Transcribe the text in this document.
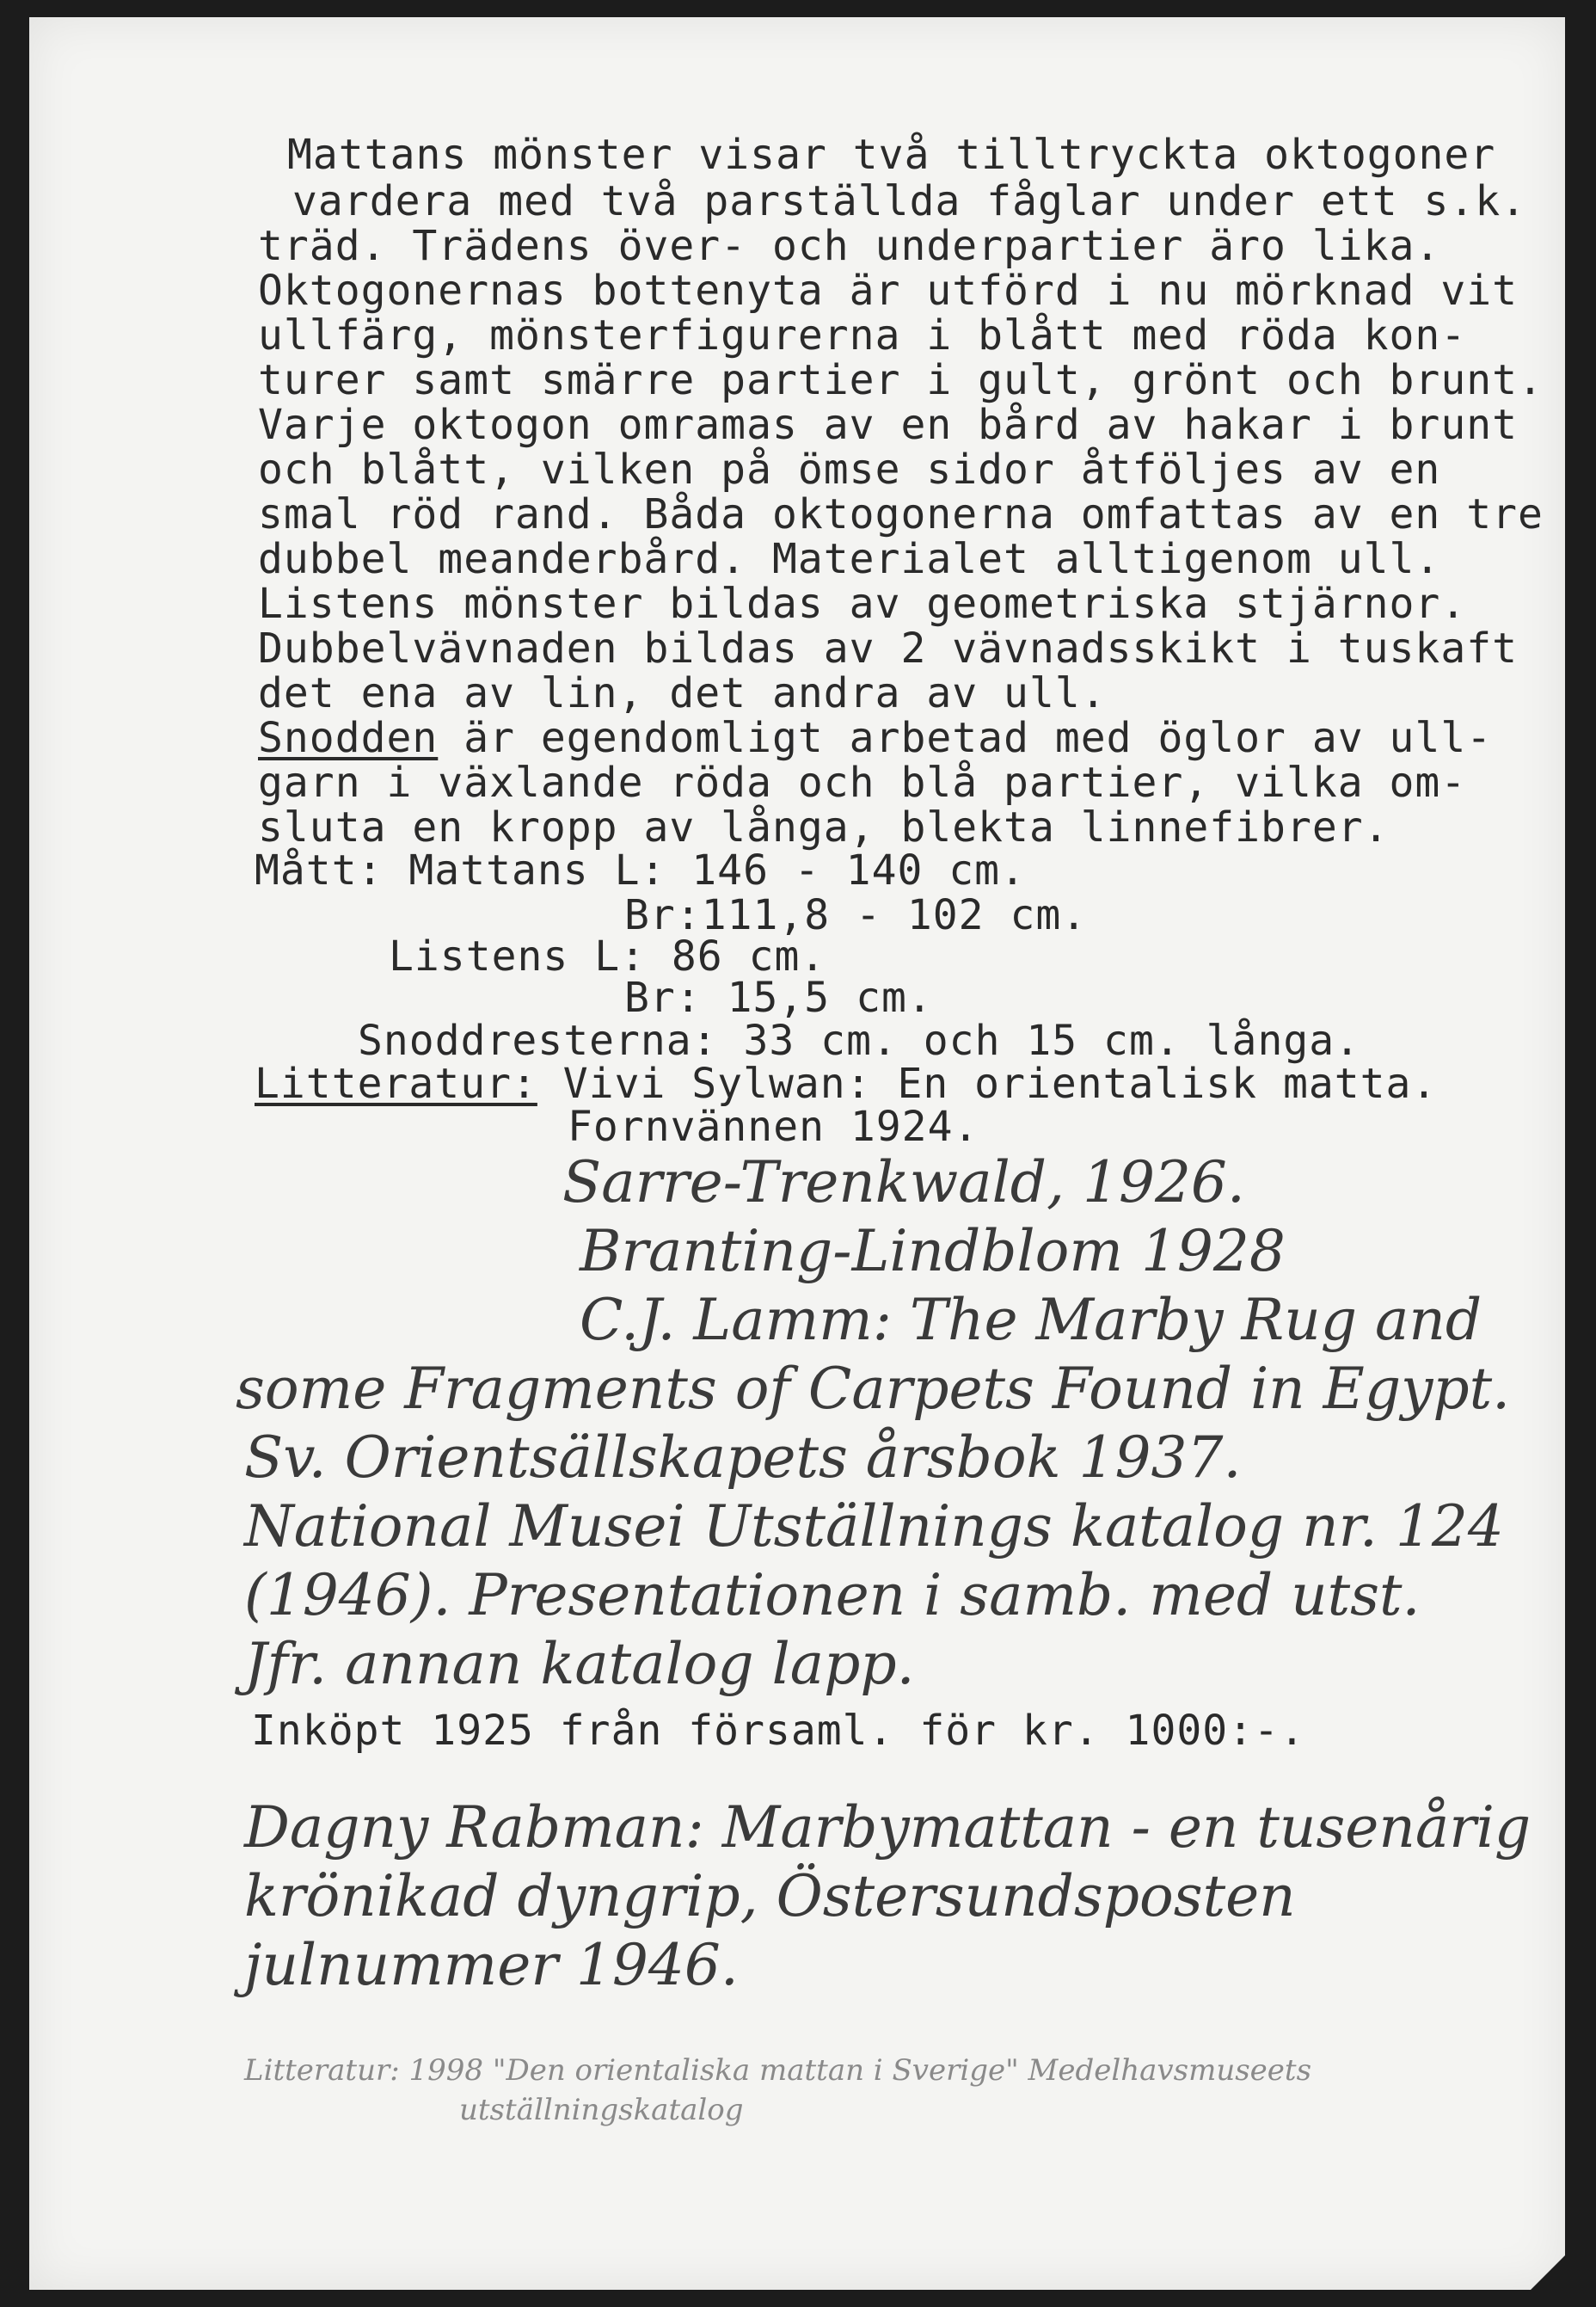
Mattans mönster visar två tilltryckta oktogoner
vardera med två parställda fåglar under ett s.k.
träd. Trädens över- och underpartier äro lika.
Oktogonernas bottenyta är utförd i nu mörknad vit
ullfärg, mönsterfigurerna i blått med röda kon-
turer samt smärre partier i gult, grönt och brunt.
Varje oktogon omramas av en bård av hakar i brunt
och blått, vilken på ömse sidor åtföljes av en
smal röd rand. Båda oktogonerna omfattas av en tre
dubbel meanderbård. Materialet alltigenom ull.
Listens mönster bildas av geometriska stjärnor.
Dubbelvävnaden bildas av 2 vävnadsskikt i tuskaft
det ena av lin, det andra av ull.
Snodden är egendomligt arbetad med öglor av ull-
garn i växlande röda och blå partier, vilka om-
sluta en kropp av långa, blekta linnefibrer.
Mått: Mattans L: 146 - 140 cm.
Br:111,8 - 102 cm.
Listens L: 86 cm.
Br: 15,5 cm.
Snoddresterna: 33 cm. och 15 cm. långa.
Litteratur: Vivi Sylwan: En orientalisk matta.
Fornvännen 1924.
Sarre-Trenkwald, 1926.
Branting-Lindblom 1928
C.J. Lamm: The Marby Rug and
some Fragments of Carpets Found in Egypt.
Sv. Orientsällskapets årsbok 1937.
National Musei Utställnings katalog nr. 124
(1946). Presentationen i samb. med utst.
Jfr. annan katalog lapp.
Inköpt 1925 från församl. för kr. 1000:-.
Dagny Rabman: Marbymattan - en tusenårig
krönikad dyngrip, Östersundsposten
julnummer 1946.
Litteratur: 1998 "Den orientaliska mattan i Sverige" Medelhavsmuseets
utställningskatalog
